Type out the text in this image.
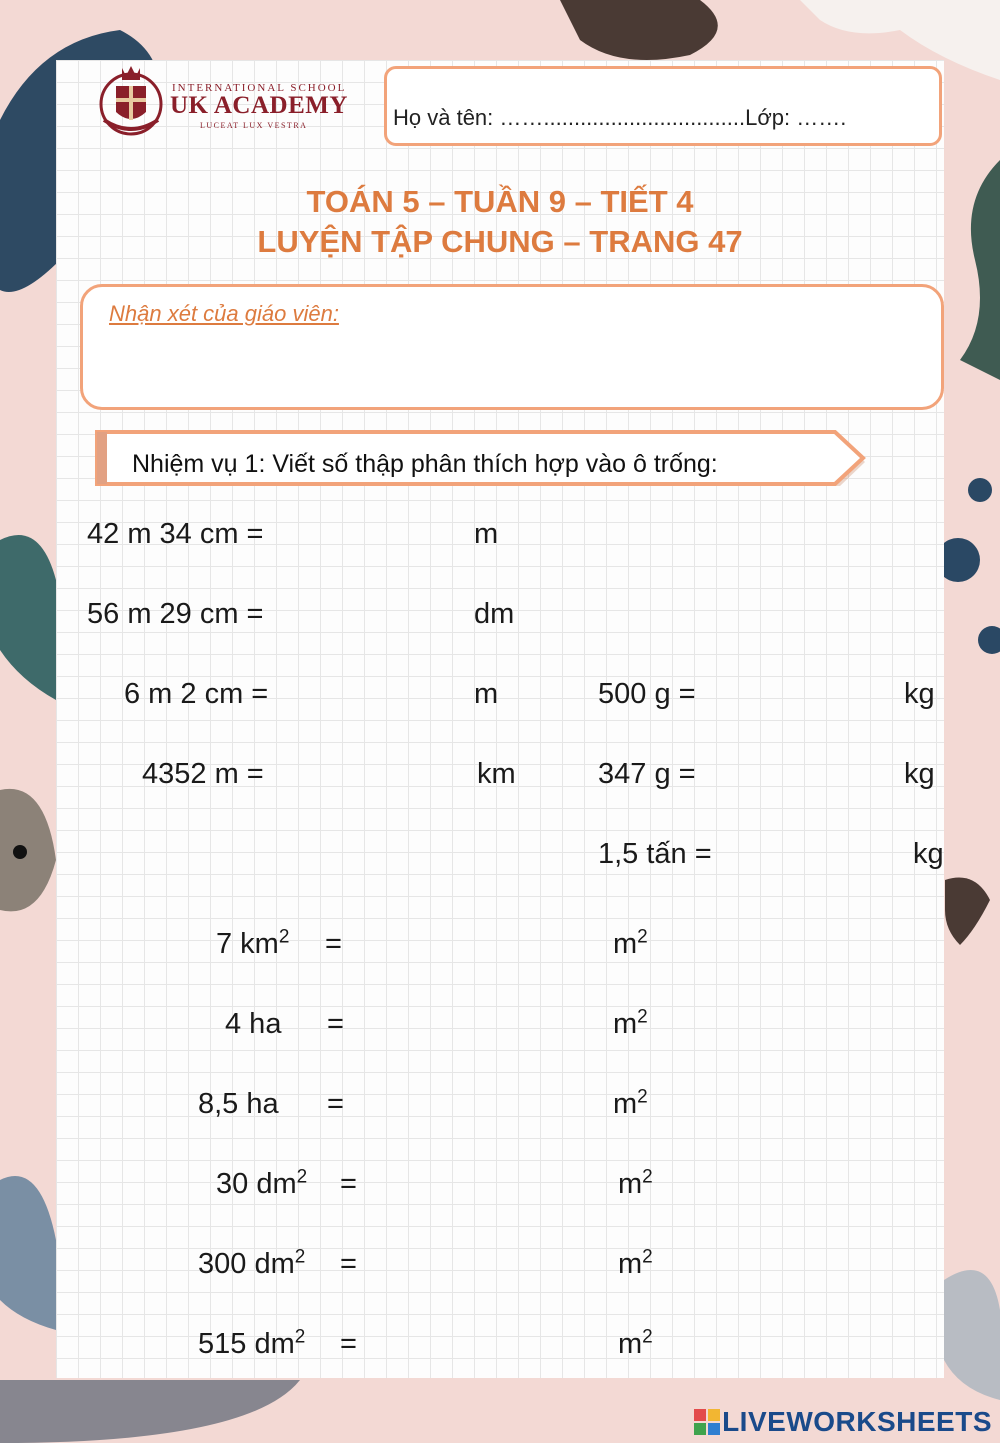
INTERNATIONAL SCHOOL
UK ACADEMY
LUCEAT LUX VESTRA	Họ và tên: …….................................Lớp: …….
TOÁN 5 – TUẦN 9 – TIẾT 4
LUYỆN TẬP CHUNG – TRANG 47
Nhận xét của giáo viên:
Nhiệm vụ 1: Viết số thập phân thích hợp vào ô trống:
42 m 34 cm =	m
56 m 29 cm =	dm
6 m 2 cm =	m
4352 m =	km
500 g =	kg
347 g =	kg
1,5 tấn =	kg
7 $km^2$ =	$m^2$
4 ha =	$m^2$
8,5 ha =	$m^2$
30 $dm^2$ =	$m^2$
300 $dm^2$ =	$m^2$
515 $dm^2$ =	$m^2$
LIVEWORKSHEETS
